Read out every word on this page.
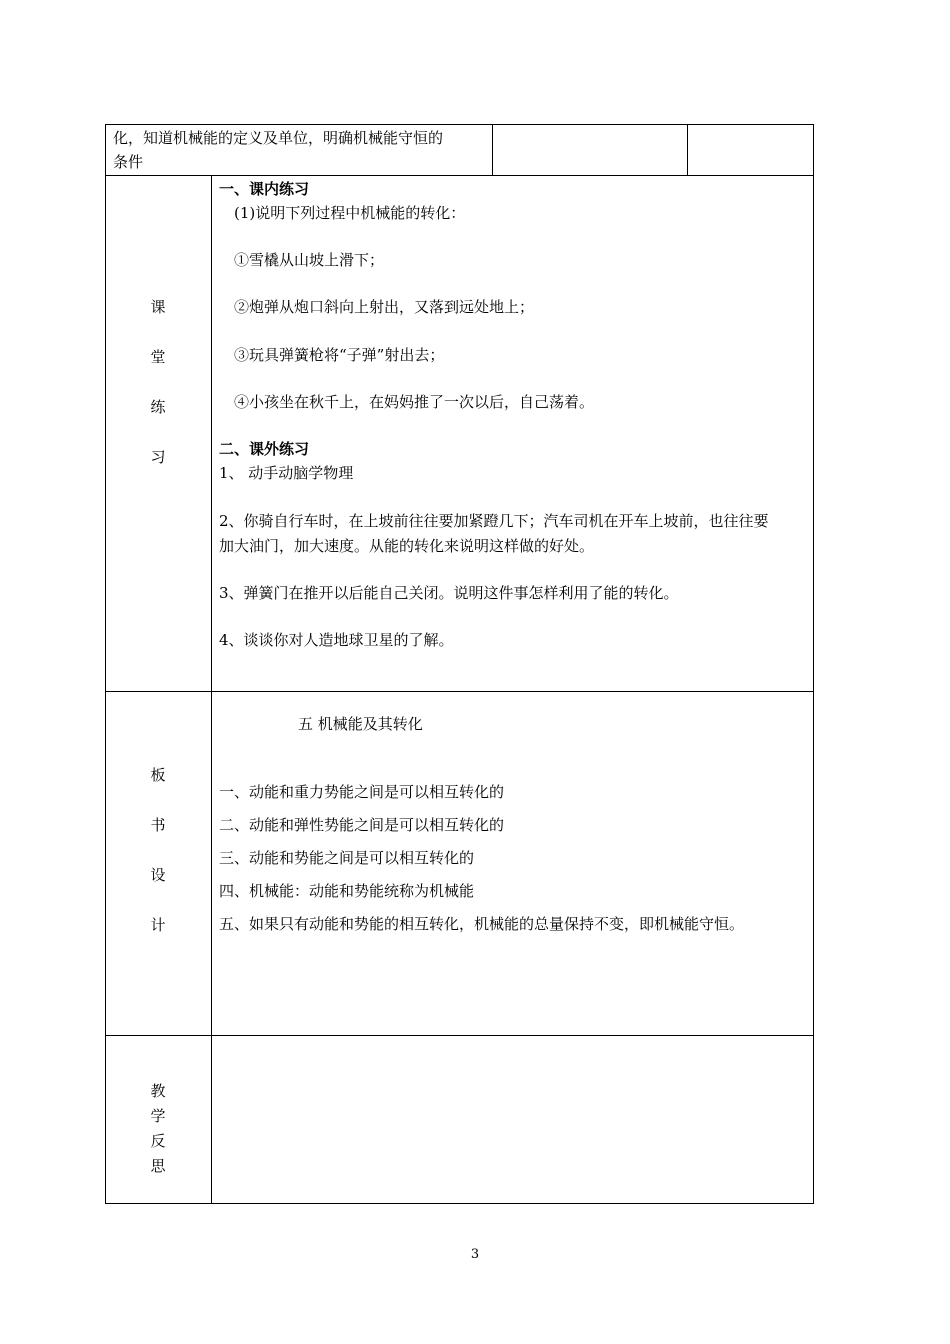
化，知道机械能的定义及单位，明确机械能守恒的
条件
课
堂
练
习
一、课内练习
(1)说明下列过程中机械能的转化：
①雪橇从山坡上滑下；
②炮弹从炮口斜向上射出，又落到远处地上；
③玩具弹簧枪将“子弹”射出去；
④小孩坐在秋千上，在妈妈推了一次以后，自己荡着。
二、课外练习
1、 动手动脑学物理
2、你骑自行车时，在上坡前往往要加紧蹬几下；汽车司机在开车上坡前，也往往要
加大油门，加大速度。从能的转化来说明这样做的好处。
3、弹簧门在推开以后能自己关闭。说明这件事怎样利用了能的转化。
4、谈谈你对人造地球卫星的了解。
板
书
设
计
五 机械能及其转化
一、动能和重力势能之间是可以相互转化的
二、动能和弹性势能之间是可以相互转化的
三、动能和势能之间是可以相互转化的
四、机械能：动能和势能统称为机械能
五、如果只有动能和势能的相互转化，机械能的总量保持不变，即机械能守恒。
教
学
反
思
3
